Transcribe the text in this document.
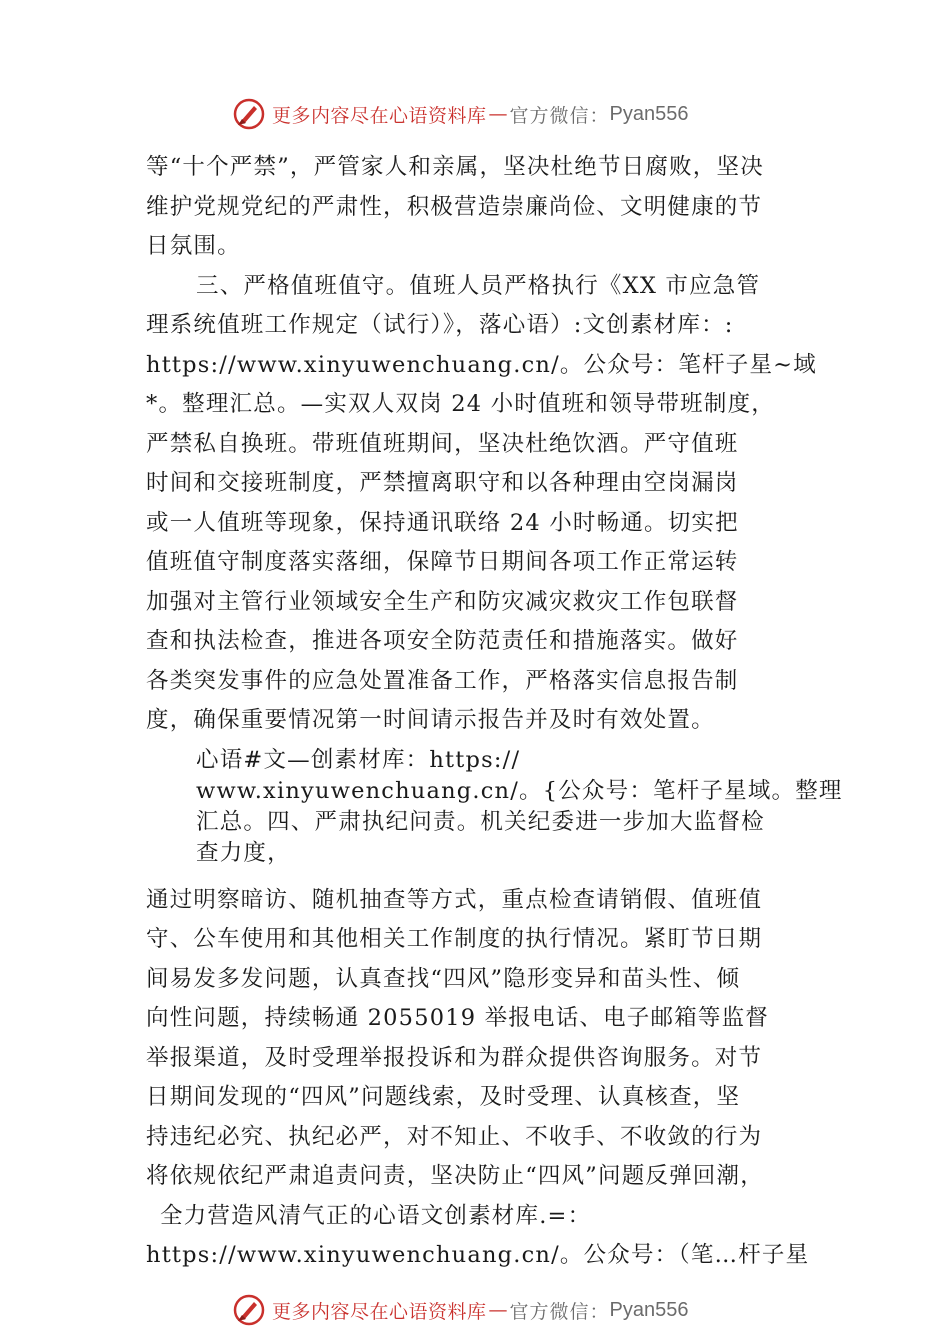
更多内容尽在心语资料库 — 官方微信： Pyan556
等“十个严禁”，严管家人和亲属，坚决杜绝节日腐败，坚决
维护党规党纪的严肃性，积极营造崇廉尚俭、文明健康的节
日氛围。
三、严格值班值守。值班人员严格执行《XX 市应急管
理系统值班工作规定（试行）》，落心语）:文创素材库：:
https://www.xinyuwenchuang.cn/。公众号：笔杆子星~域
*。整理汇总。—实双人双岗 24 小时值班和领导带班制度，
严禁私自换班。带班值班期间，坚决杜绝饮酒。严守值班
时间和交接班制度，严禁擅离职守和以各种理由空岗漏岗
或一人值班等现象，保持通讯联络 24 小时畅通。切实把
值班值守制度落实落细，保障节日期间各项工作正常运转
加强对主管行业领域安全生产和防灾减灾救灾工作包联督
查和执法检查，推进各项安全防范责任和措施落实。做好
各类突发事件的应急处置准备工作，严格落实信息报告制
度，确保重要情况第一时间请示报告并及时有效处置。
心语#文—创素材库：https://
www.xinyuwenchuang.cn/。{公众号：笔杆子星域。整理
汇总。四、严肃执纪问责。机关纪委进一步加大监督检
查力度，
通过明察暗访、随机抽查等方式，重点检查请销假、值班值
守、公车使用和其他相关工作制度的执行情况。紧盯节日期
间易发多发问题，认真查找“四风”隐形变异和苗头性、倾
向性问题，持续畅通 2055019 举报电话、电子邮箱等监督
举报渠道，及时受理举报投诉和为群众提供咨询服务。对节
日期间发现的“四风”问题线索，及时受理、认真核查，坚
持违纪必究、执纪必严，对不知止、不收手、不收敛的行为
将依规依纪严肃追责问责，坚决防止“四风”问题反弹回潮，
全力营造风清气正的心语文创素材库.=：
https://www.xinyuwenchuang.cn/。公众号：（笔…杆子星
更多内容尽在心语资料库 — 官方微信： Pyan556
